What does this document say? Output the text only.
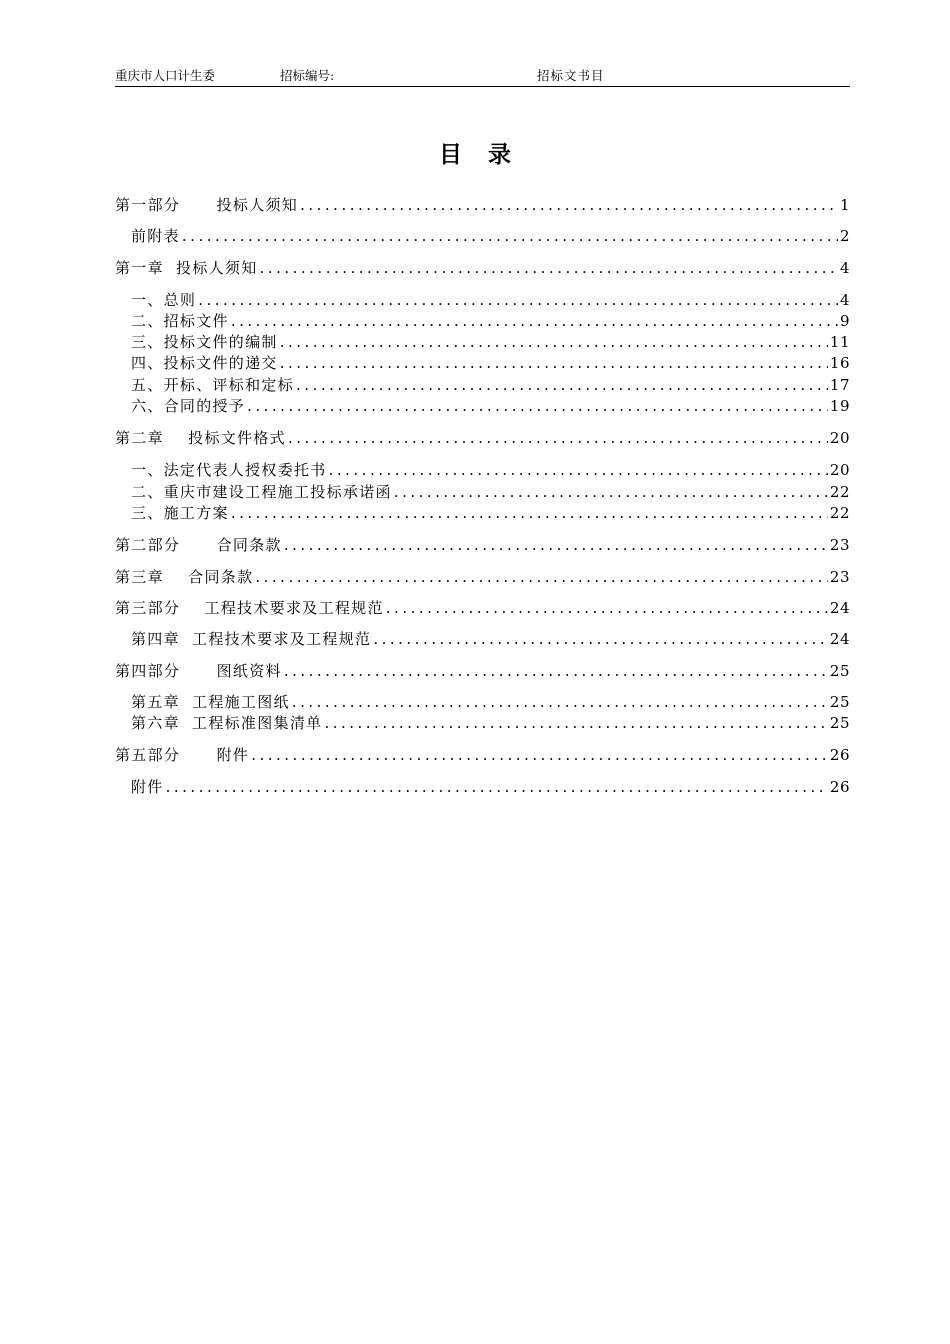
重庆市人口计生委	招标编号:	招标文书目
目录
第一部分      投标人须知 .....	1
前附表 .....	2
第一章  投标人须知 .....	4
一、总则 .....	4
二、招标文件 .....	9
三、投标文件的编制 .....	11
四、投标文件的递交 .....	16
五、开标、评标和定标 .....	17
六、合同的授予 .....	19
第二章    投标文件格式 .....	20
一、法定代表人授权委托书 .....	20
二、重庆市建设工程施工投标承诺函 .....	22
三、施工方案 .....	22
第二部分      合同条款 .....	23
第三章    合同条款 .....	23
第三部分    工程技术要求及工程规范 .....	24
第四章  工程技术要求及工程规范 .....	24
第四部分      图纸资料 .....	25
第五章  工程施工图纸 .....	25
第六章  工程标准图集清单 .....	25
第五部分      附件 .....	26
附件 .....	26
